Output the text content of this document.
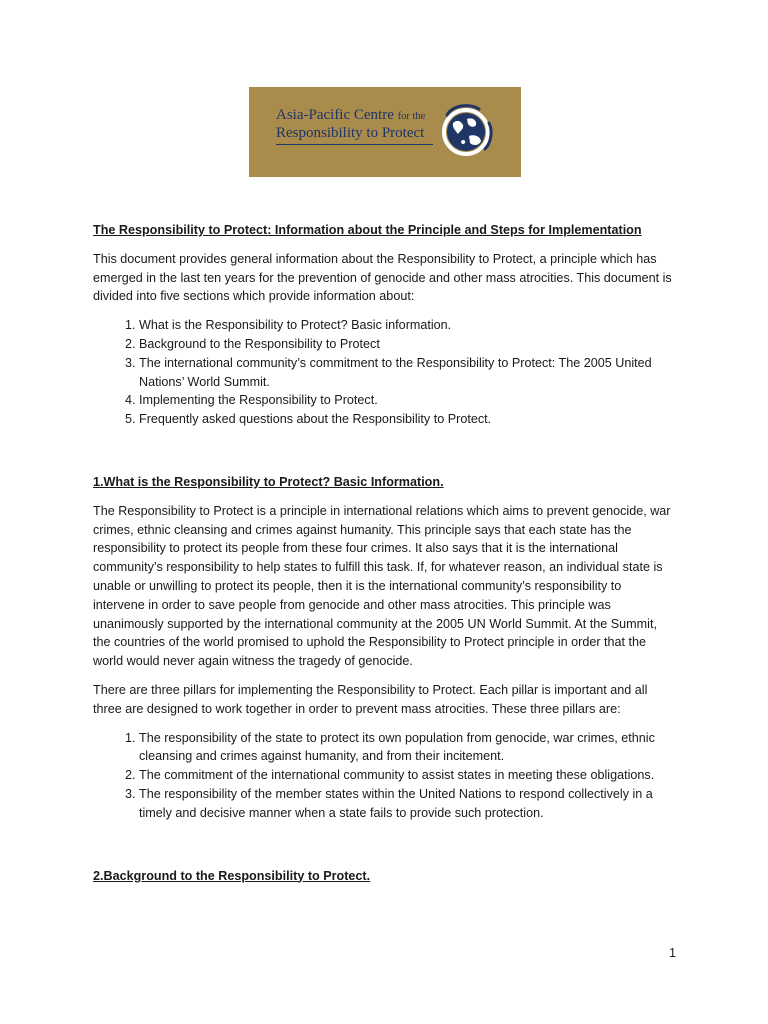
Asia-Pacific Centre for the
Responsibility to Protect
The Responsibility to Protect: Information about the Principle and Steps for Implementation

This document provides general information about the Responsibility to Protect, a principle which has emerged in the last ten years for the prevention of genocide and other mass atrocities. This document is divided into five sections which provide information about:

1. What is the Responsibility to Protect? Basic information.
2. Background to the Responsibility to Protect
3. The international community’s commitment to the Responsibility to Protect: The 2005 United Nations’ World Summit.
4. Implementing the Responsibility to Protect.
5. Frequently asked questions about the Responsibility to Protect.
1.What is the Responsibility to Protect? Basic Information.

The Responsibility to Protect is a principle in international relations which aims to prevent genocide, war crimes, ethnic cleansing and crimes against humanity. This principle says that each state has the responsibility to protect its people from these four crimes. It also says that it is the international community’s responsibility to help states to fulfill this task. If, for whatever reason, an individual state is unable or unwilling to protect its people, then it is the international community’s responsibility to intervene in order to save people from genocide and other mass atrocities. This principle was unanimously supported by the international community at the 2005 UN World Summit. At the Summit, the countries of the world promised to uphold the Responsibility to Protect principle in order that the world would never again witness the tragedy of genocide.

There are three pillars for implementing the Responsibility to Protect. Each pillar is important and all three are designed to work together in order to prevent mass atrocities. These three pillars are:

1. The responsibility of the state to protect its own population from genocide, war crimes, ethnic cleansing and crimes against humanity, and from their incitement.
2. The commitment of the international community to assist states in meeting these obligations.
3. The responsibility of the member states within the United Nations to respond collectively in a timely and decisive manner when a state fails to provide such protection.
2.Background to the Responsibility to Protect.
1
